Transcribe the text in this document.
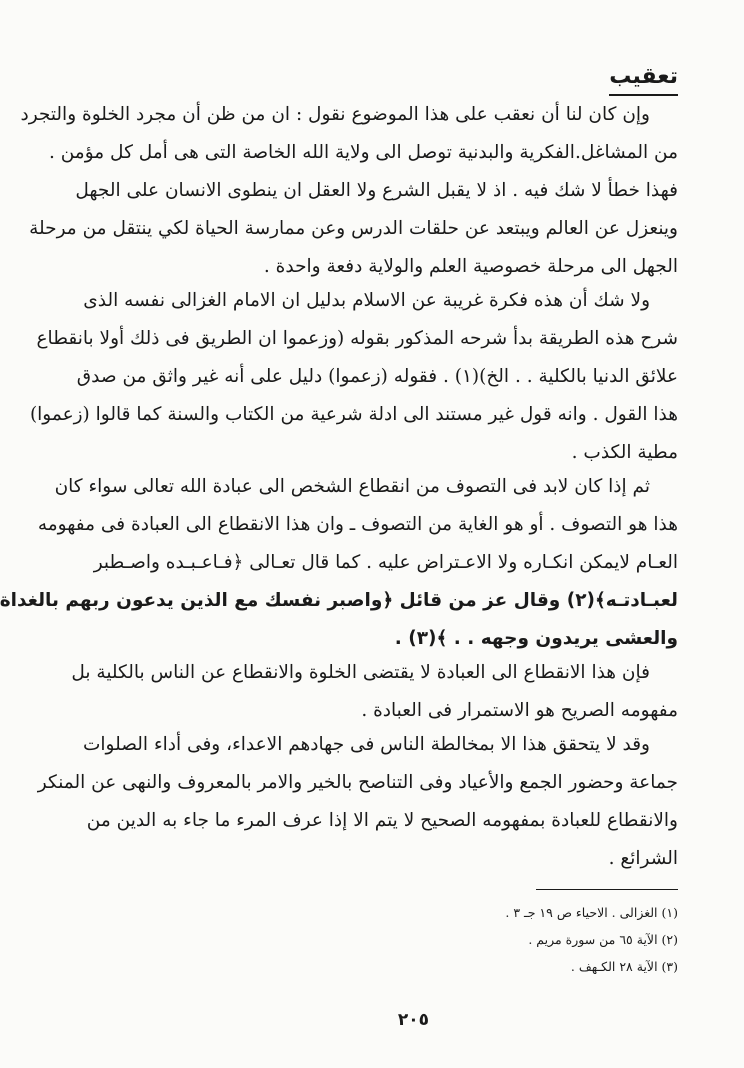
تعقيب
وإن كان لنا أن نعقب على هذا الموضوع نقول : ان من ظن أن مجرد الخلوة والتجرد
من المشاغل.الفكرية والبدنية توصل الى ولاية الله الخاصة التى هى أمل كل مؤمن .
فهذا خطأ لا شك فيه . اذ لا يقبل الشرع ولا العقل ان ينطوى الانسان على الجهل
وينعزل عن العالم ويبتعد عن حلقات الدرس وعن ممارسة الحياة لكي ينتقل من مرحلة
الجهل الى مرحلة خصوصية العلم والولاية دفعة واحدة .
ولا شك أن هذه فكرة غريبة عن الاسلام بدليل ان الامام الغزالى نفسه الذى
شرح هذه الطريقة بدأ شرحه المذكور بقوله (وزعموا ان الطريق فى ذلك أولا بانقطاع
علائق الدنيا بالكلية . . الخ)(١) . فقوله (زعموا) دليل على أنه غير واثق من صدق
هذا القول . وانه قول غير مستند الى ادلة شرعية من الكتاب والسنة كما قالوا (زعموا)
مطية الكذب .
ثم إذا كان لابد فى التصوف من انقطاع الشخص الى عبادة الله تعالى سواء كان
هذا هو التصوف . أو هو الغاية من التصوف ـ وان هذا الانقطاع الى العبادة فى مفهومه
العـام لايمكن انكـاره ولا الاعـتراض عليه . كما قال تعـالى ﴿فـاعـبـده واصـطبر
لعبـادتـه﴾(٢) وقال عز من قائل ﴿واصبر نفسك مع الذين يدعون ربهم بالغداة
والعشى يريدون وجهه . . ﴾(٣) .
فإن هذا الانقطاع الى العبادة لا يقتضى الخلوة والانقطاع عن الناس بالكلية بل
مفهومه الصريح هو الاستمرار فى العبادة .
وقد لا يتحقق هذا الا بمخالطة الناس فى جهادهم الاعداء، وفى أداء الصلوات
جماعة وحضور الجمع والأعياد وفى التناصح بالخير والامر بالمعروف والنهى عن المنكر
والانقطاع للعبادة بمفهومه الصحيح لا يتم الا إذا عرف المرء ما جاء به الدين من
الشرائع .
(١) الغزالى . الاحياء ص ١٩ جـ ٣ .
(٢) الآية ٦٥ من سورة مريم .
(٣) الآية ٢٨ الكـهف .
٢٠٥
